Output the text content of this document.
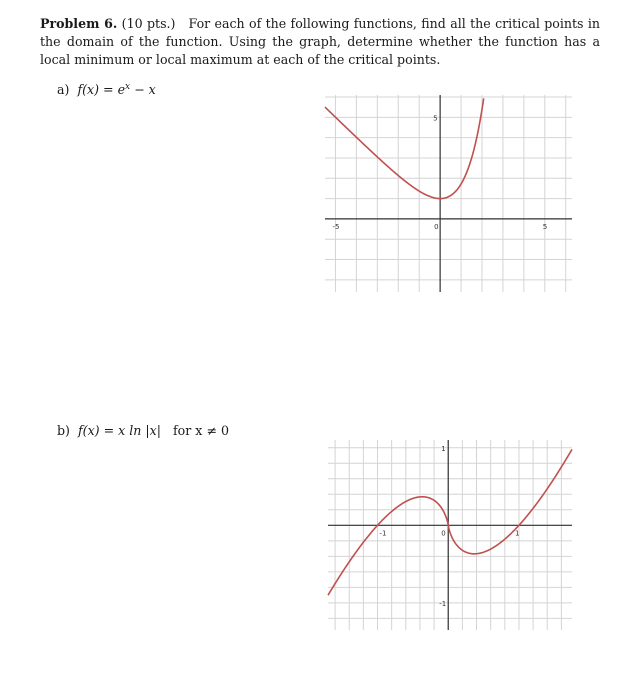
Problem 6. (10 pts.) For each of the following functions, find all the critical points in the domain of the function. Using the graph, determine whether the function has a local minimum or local maximum at each of the critical points.
a) $f(x) = e^x - x$
-5	5
0
5
b) f(x) = x ln |x| for x ≠ 0
-1	1
0
1
-1
